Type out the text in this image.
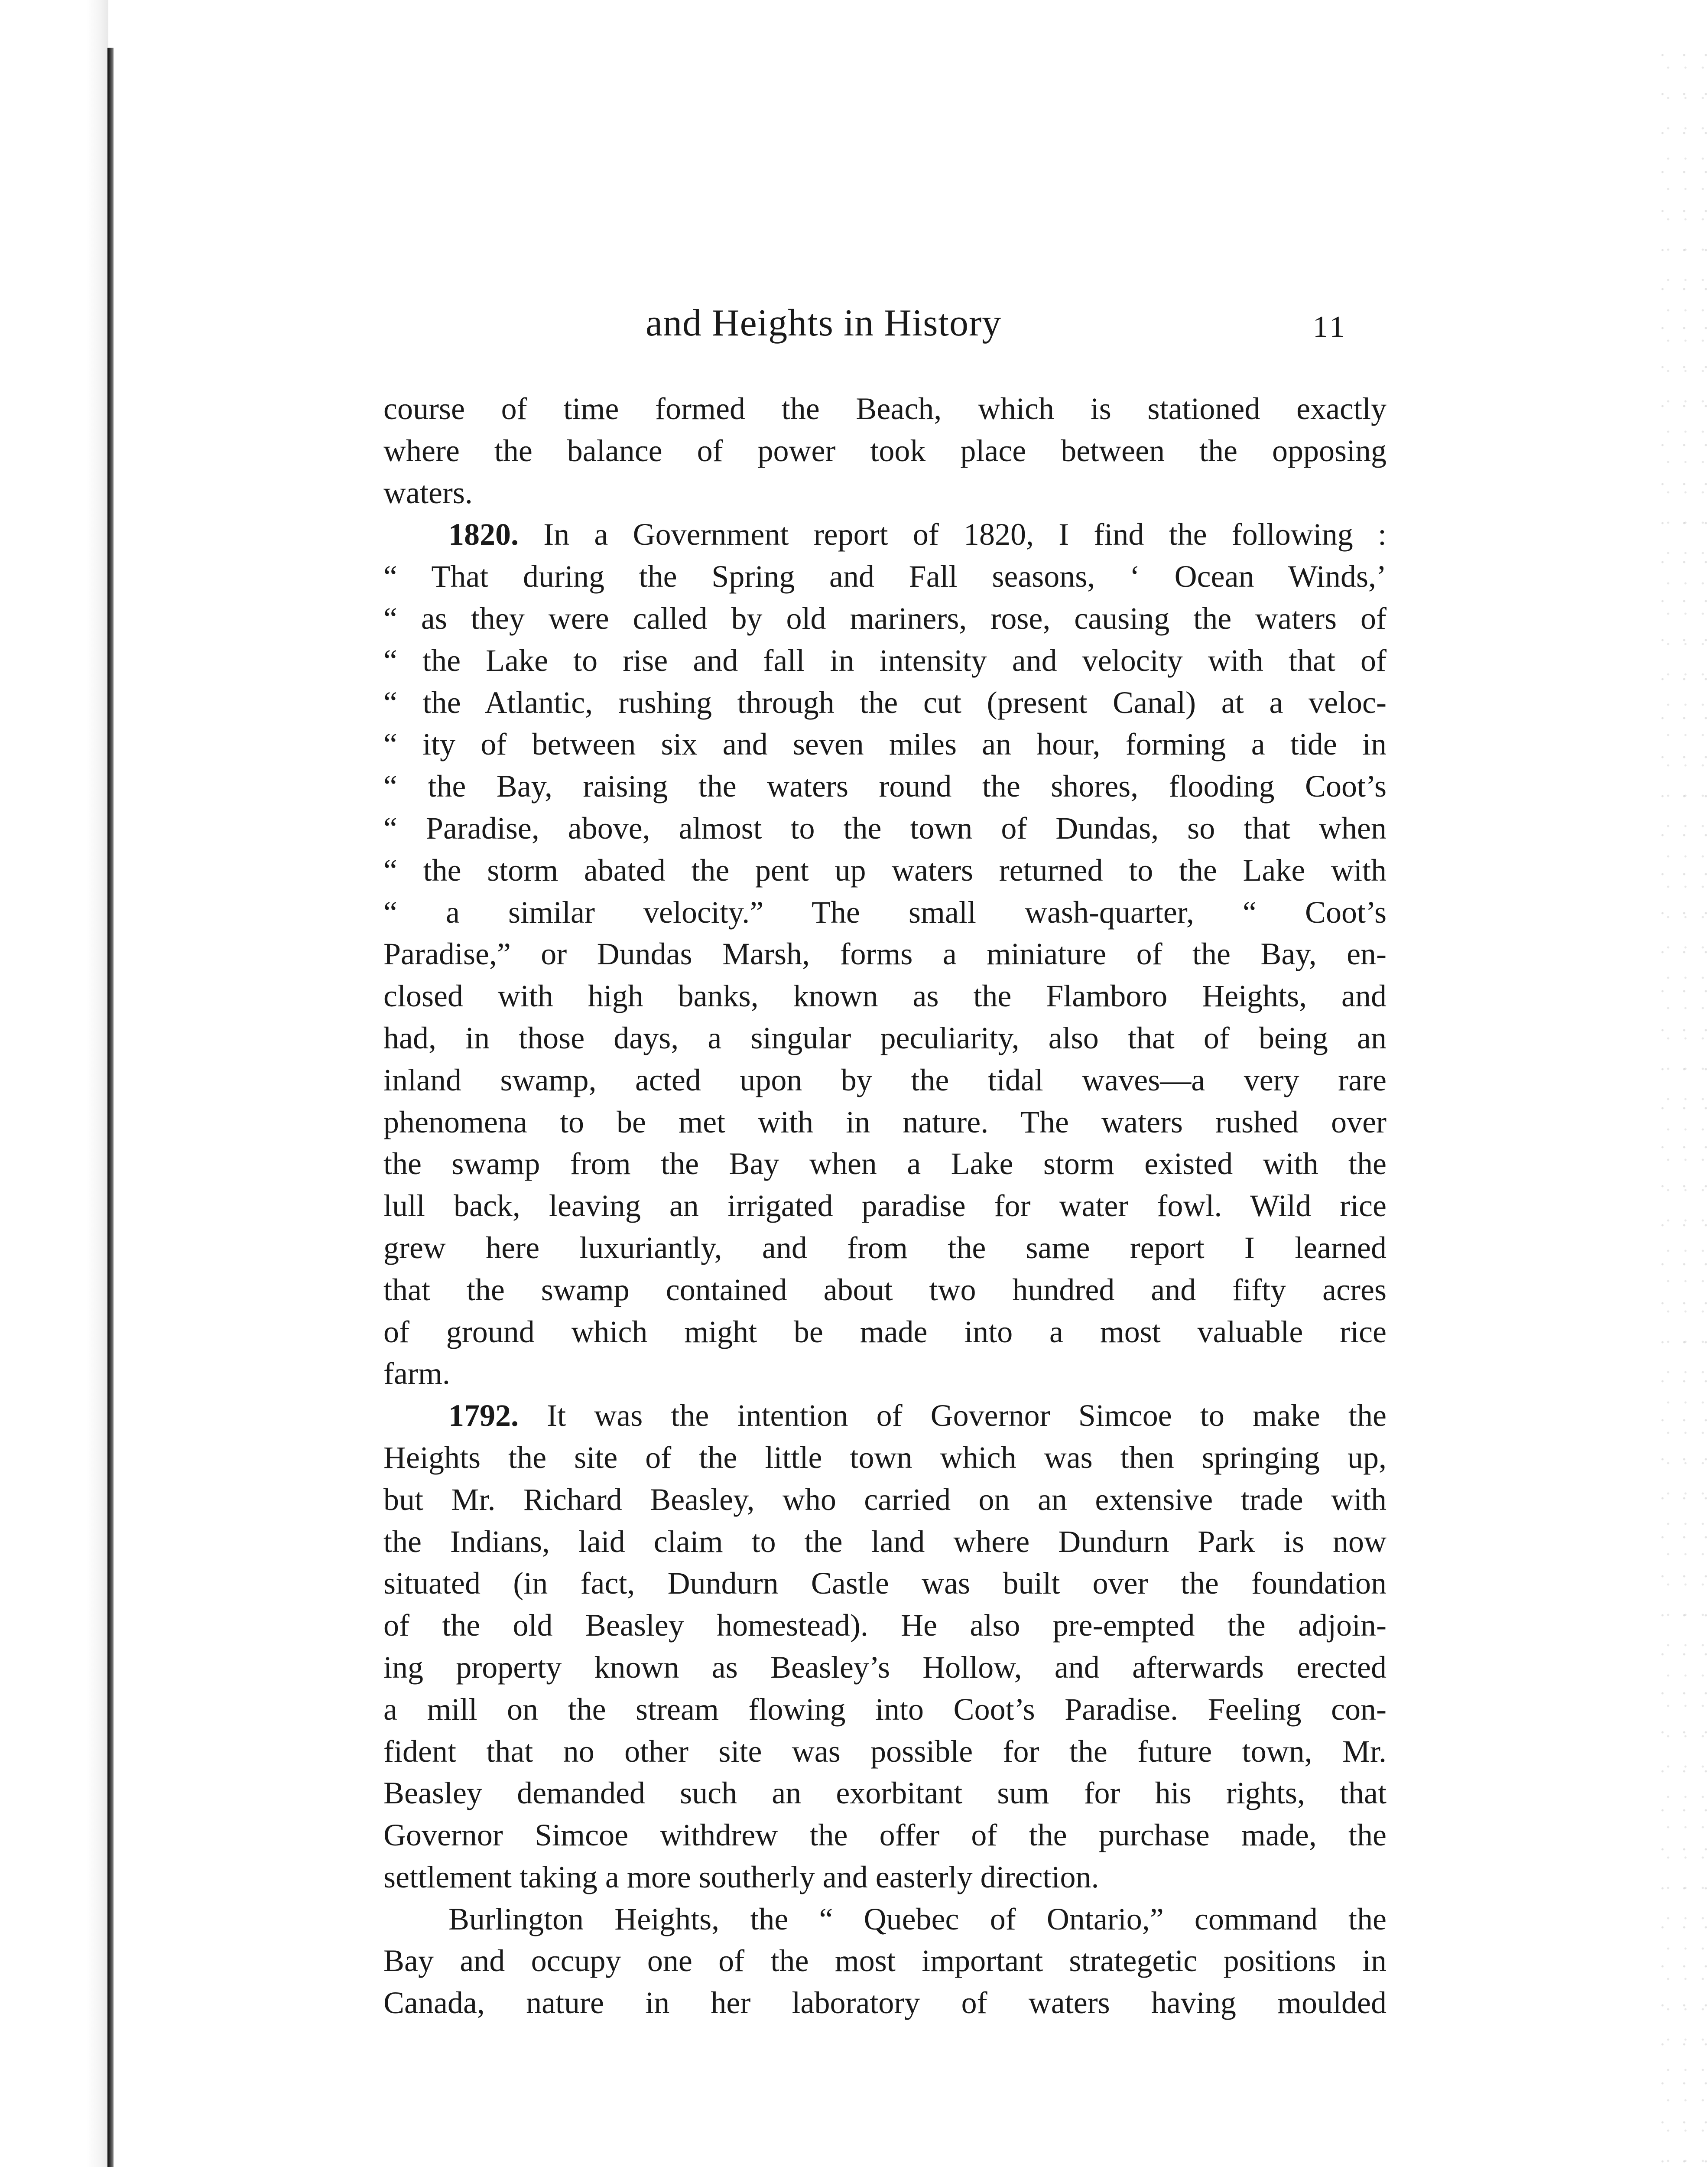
and Heights in History	11
course of time formed the Beach, which is stationed exactly
where the balance of power took place between the opposing
waters.
1820. In a Government report of 1820, I find the following :
“ That during the Spring and Fall seasons, ‘ Ocean Winds,’
“ as they were called by old mariners, rose, causing the waters of
“ the Lake to rise and fall in intensity and velocity with that of
“ the Atlantic, rushing through the cut (present Canal) at a veloc-
“ ity of between six and seven miles an hour, forming a tide in
“ the Bay, raising the waters round the shores, flooding Coot’s
“ Paradise, above, almost to the town of Dundas, so that when
“ the storm abated the pent up waters returned to the Lake with
“ a similar velocity.” The small wash-quarter, “ Coot’s
Paradise,” or Dundas Marsh, forms a miniature of the Bay, en-
closed with high banks, known as the Flamboro Heights, and
had, in those days, a singular peculiarity, also that of being an
inland swamp, acted upon by the tidal waves—a very rare
phenomena to be met with in nature. The waters rushed over
the swamp from the Bay when a Lake storm existed with the
lull back, leaving an irrigated paradise for water fowl. Wild rice
grew here luxuriantly, and from the same report I learned
that the swamp contained about two hundred and fifty acres
of ground which might be made into a most valuable rice
farm.
1792. It was the intention of Governor Simcoe to make the
Heights the site of the little town which was then springing up,
but Mr. Richard Beasley, who carried on an extensive trade with
the Indians, laid claim to the land where Dundurn Park is now
situated (in fact, Dundurn Castle was built over the foundation
of the old Beasley homestead). He also pre-empted the adjoin-
ing property known as Beasley’s Hollow, and afterwards erected
a mill on the stream flowing into Coot’s Paradise. Feeling con-
fident that no other site was possible for the future town, Mr.
Beasley demanded such an exorbitant sum for his rights, that
Governor Simcoe withdrew the offer of the purchase made, the
settlement taking a more southerly and easterly direction.
Burlington Heights, the “ Quebec of Ontario,” command the
Bay and occupy one of the most important strategetic positions in
Canada, nature in her laboratory of waters having moulded
